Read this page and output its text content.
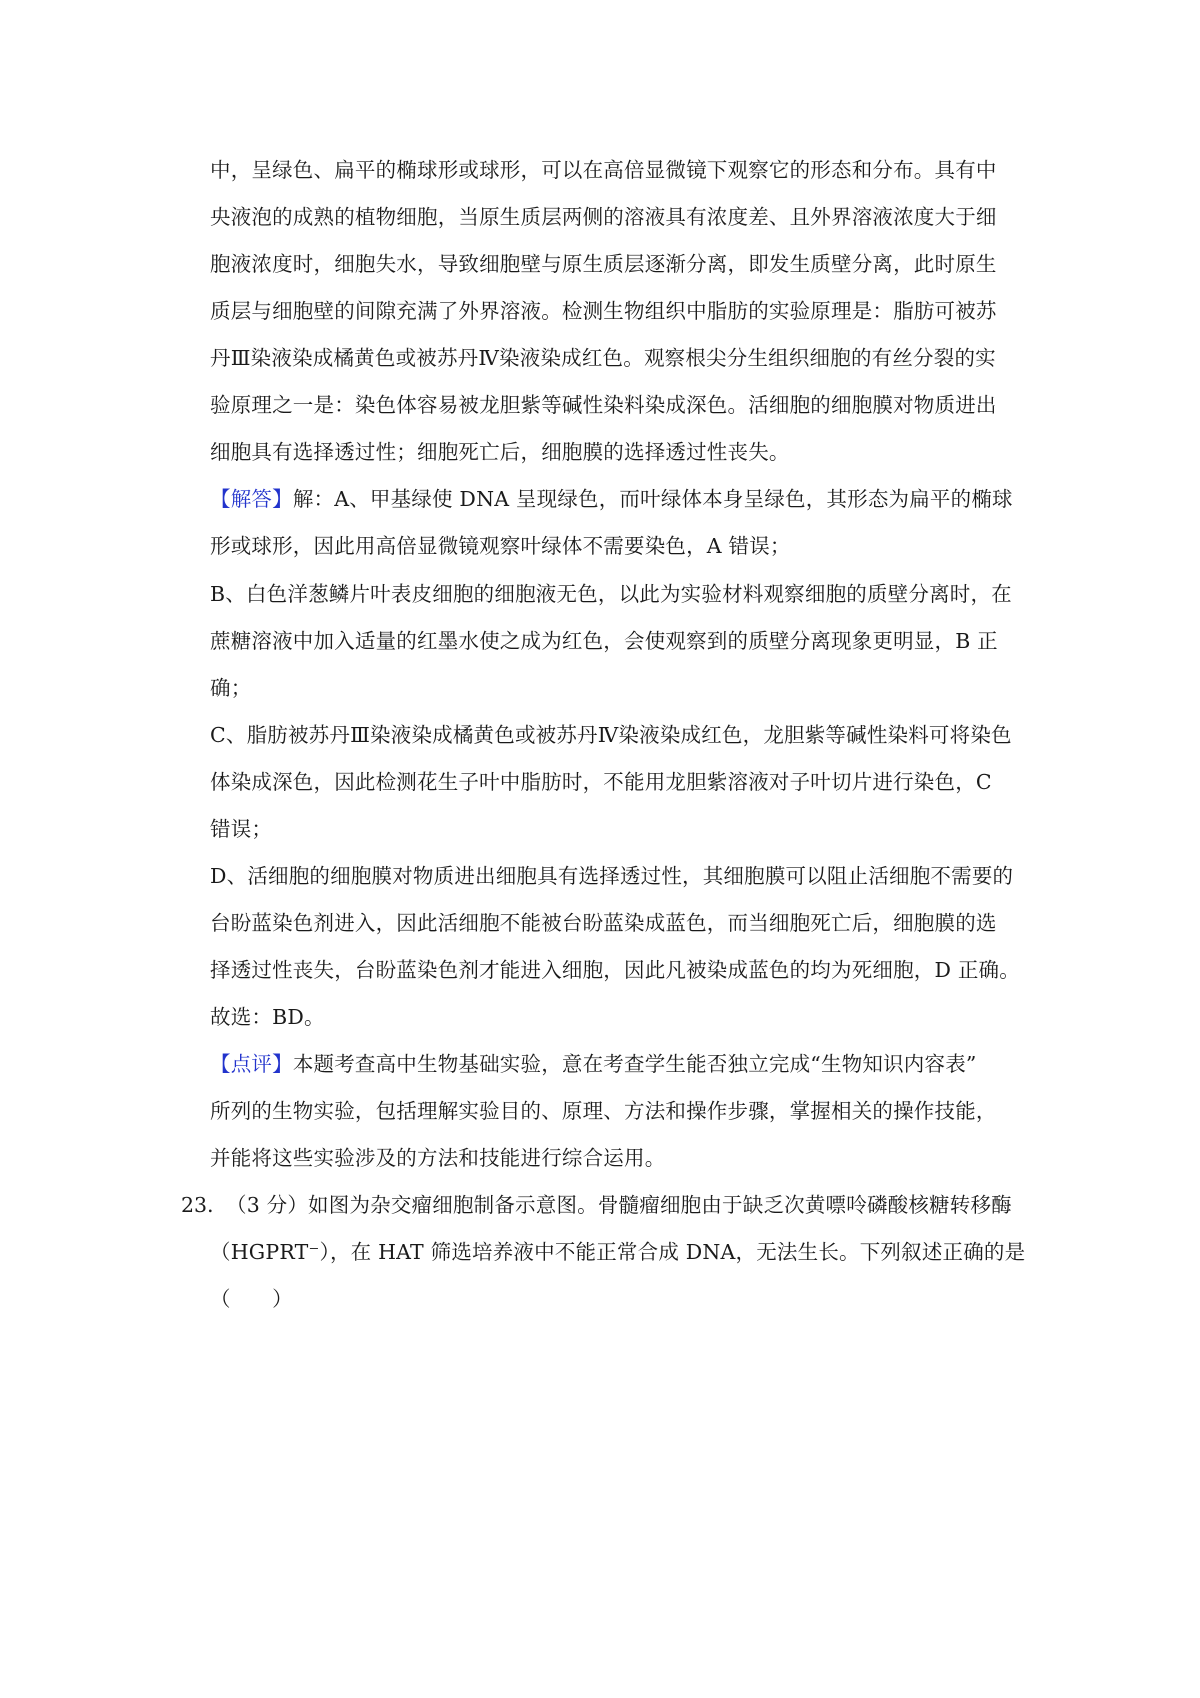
中，呈绿色、扁平的椭球形或球形，可以在高倍显微镜下观察它的形态和分布。具有中
央液泡的成熟的植物细胞，当原生质层两侧的溶液具有浓度差、且外界溶液浓度大于细
胞液浓度时，细胞失水，导致细胞壁与原生质层逐渐分离，即发生质壁分离，此时原生
质层与细胞壁的间隙充满了外界溶液。检测生物组织中脂肪的实验原理是：脂肪可被苏
丹Ⅲ染液染成橘黄色或被苏丹Ⅳ染液染成红色。观察根尖分生组织细胞的有丝分裂的实
验原理之一是：染色体容易被龙胆紫等碱性染料染成深色。活细胞的细胞膜对物质进出
细胞具有选择透过性；细胞死亡后，细胞膜的选择透过性丧失。
【解答】解：A、甲基绿使 DNA 呈现绿色，而叶绿体本身呈绿色，其形态为扁平的椭球
形或球形，因此用高倍显微镜观察叶绿体不需要染色，A 错误；
B、白色洋葱鳞片叶表皮细胞的细胞液无色，以此为实验材料观察细胞的质壁分离时，在
蔗糖溶液中加入适量的红墨水使之成为红色，会使观察到的质壁分离现象更明显，B 正
确；
C、脂肪被苏丹Ⅲ染液染成橘黄色或被苏丹Ⅳ染液染成红色，龙胆紫等碱性染料可将染色
体染成深色，因此检测花生子叶中脂肪时，不能用龙胆紫溶液对子叶切片进行染色，C
错误；
D、活细胞的细胞膜对物质进出细胞具有选择透过性，其细胞膜可以阻止活细胞不需要的
台盼蓝染色剂进入，因此活细胞不能被台盼蓝染成蓝色，而当细胞死亡后，细胞膜的选
择透过性丧失，台盼蓝染色剂才能进入细胞，因此凡被染成蓝色的均为死细胞，D 正确。
故选：BD。
【点评】本题考查高中生物基础实验，意在考查学生能否独立完成“生物知识内容表”
所列的生物实验，包括理解实验目的、原理、方法和操作步骤，掌握相关的操作技能，
并能将这些实验涉及的方法和技能进行综合运用。
23．
（3 分）如图为杂交瘤细胞制备示意图。骨髓瘤细胞由于缺乏次黄嘌呤磷酸核糖转移酶
（HGPRT⁻），在 HAT 筛选培养液中不能正常合成 DNA，无法生长。下列叙述正确的是
（　　）
